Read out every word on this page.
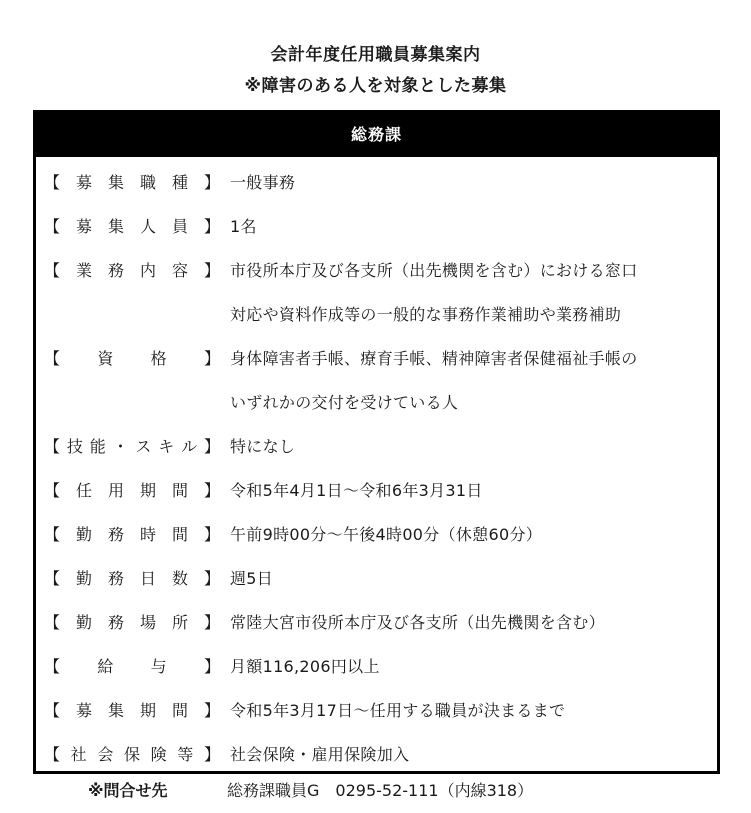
会計年度任用職員募集案内
※障害のある人を対象とした募集
総務課
【 募 集 職 種 】 一般事務
【 募 集 人 員 】 1名
【 業 務 内 容 】 市役所本庁及び各支所（出先機関を含む）における窓口
対応や資料作成等の一般的な事務作業補助や業務補助
【 資 格 】 身体障害者手帳、療育手帳、精神障害者保健福祉手帳の
いずれかの交付を受けている人
【 技 能 ・ ス キ ル 】 特になし
【 任 用 期 間 】 令和5年4月1日～令和6年3月31日
【 勤 務 時 間 】 午前9時00分～午後4時00分（休憩60分）
【 勤 務 日 数 】 週5日
【 勤 務 場 所 】 常陸大宮市役所本庁及び各支所（出先機関を含む）
【 給 与 】 月額116,206円以上
【 募 集 期 間 】 令和5年3月17日～任用する職員が決まるまで
【 社 会 保 険 等 】 社会保険・雇用保険加入
※問合せ先	総務課職員G　0295-52-111（内線318）
